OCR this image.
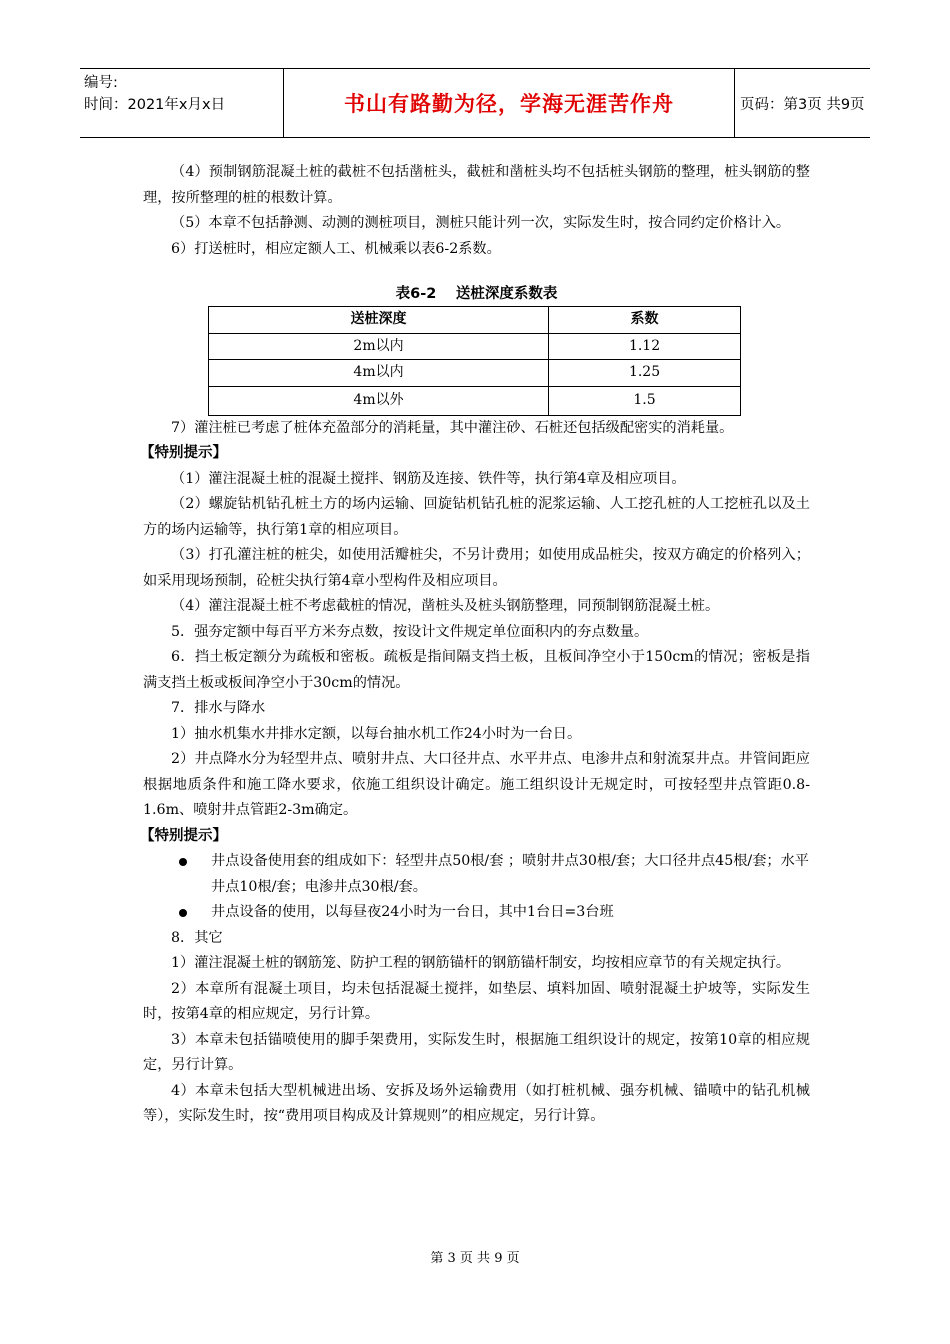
编号:
时间：2021年x月x日	书山有路勤为径，学海无涯苦作舟	页码：第3页 共9页

（4）预制钢筋混凝土桩的截桩不包括凿桩头，截桩和凿桩头均不包括桩头钢筋的整理，桩头钢筋的整理，按所整理的桩的根数计算。

（5）本章不包括静测、动测的测桩项目，测桩只能计列一次，实际发生时，按合同约定价格计入。

6）打送桩时，相应定额人工、机械乘以表6-2系数。

表6-2　 送桩深度系数表
送桩深度	系数
2m以内	1.12
4m以内	1.25
4m以外	1.5

7）灌注桩已考虑了桩体充盈部分的消耗量，其中灌注砂、石桩还包括级配密实的消耗量。

【特别提示】

（1）灌注混凝土桩的混凝土搅拌、钢筋及连接、铁件等，执行第4章及相应项目。

（2）螺旋钻机钻孔桩土方的场内运输、回旋钻机钻孔桩的泥浆运输、人工挖孔桩的人工挖桩孔以及土方的场内运输等，执行第1章的相应项目。

（3）打孔灌注桩的桩尖，如使用活瓣桩尖，不另计费用；如使用成品桩尖，按双方确定的价格列入；如采用现场预制，砼桩尖执行第4章小型构件及相应项目。

（4）灌注混凝土桩不考虑截桩的情况，凿桩头及桩头钢筋整理，同预制钢筋混凝土桩。

5．强夯定额中每百平方米夯点数，按设计文件规定单位面积内的夯点数量。

6．挡土板定额分为疏板和密板。疏板是指间隔支挡土板，且板间净空小于150cm的情况；密板是指满支挡土板或板间净空小于30cm的情况。

7．排水与降水

1）抽水机集水井排水定额，以每台抽水机工作24小时为一台日。

2）井点降水分为轻型井点、喷射井点、大口径井点、水平井点、电渗井点和射流泵井点。井管间距应根据地质条件和施工降水要求，依施工组织设计确定。施工组织设计无规定时，可按轻型井点管距0.8-1.6m、喷射井点管距2-3m确定。

【特别提示】

井点设备使用套的组成如下：轻型井点50根/套 ；喷射井点30根/套；大口径井点45根/套；水平井点10根/套；电渗井点30根/套。

井点设备的使用，以每昼夜24小时为一台日，其中1台日=3台班

8．其它

1）灌注混凝土桩的钢筋笼、防护工程的钢筋锚杆的钢筋锚杆制安，均按相应章节的有关规定执行。

2）本章所有混凝土项目，均未包括混凝土搅拌，如垫层、填料加固、喷射混凝土护坡等，实际发生时，按第4章的相应规定，另行计算。

3）本章未包括锚喷使用的脚手架费用，实际发生时，根据施工组织设计的规定，按第10章的相应规定，另行计算。

4）本章未包括大型机械进出场、安拆及场外运输费用（如打桩机械、强夯机械、锚喷中的钻孔机械等），实际发生时，按“费用项目构成及计算规则”的相应规定，另行计算。

第 3 页 共 9 页
